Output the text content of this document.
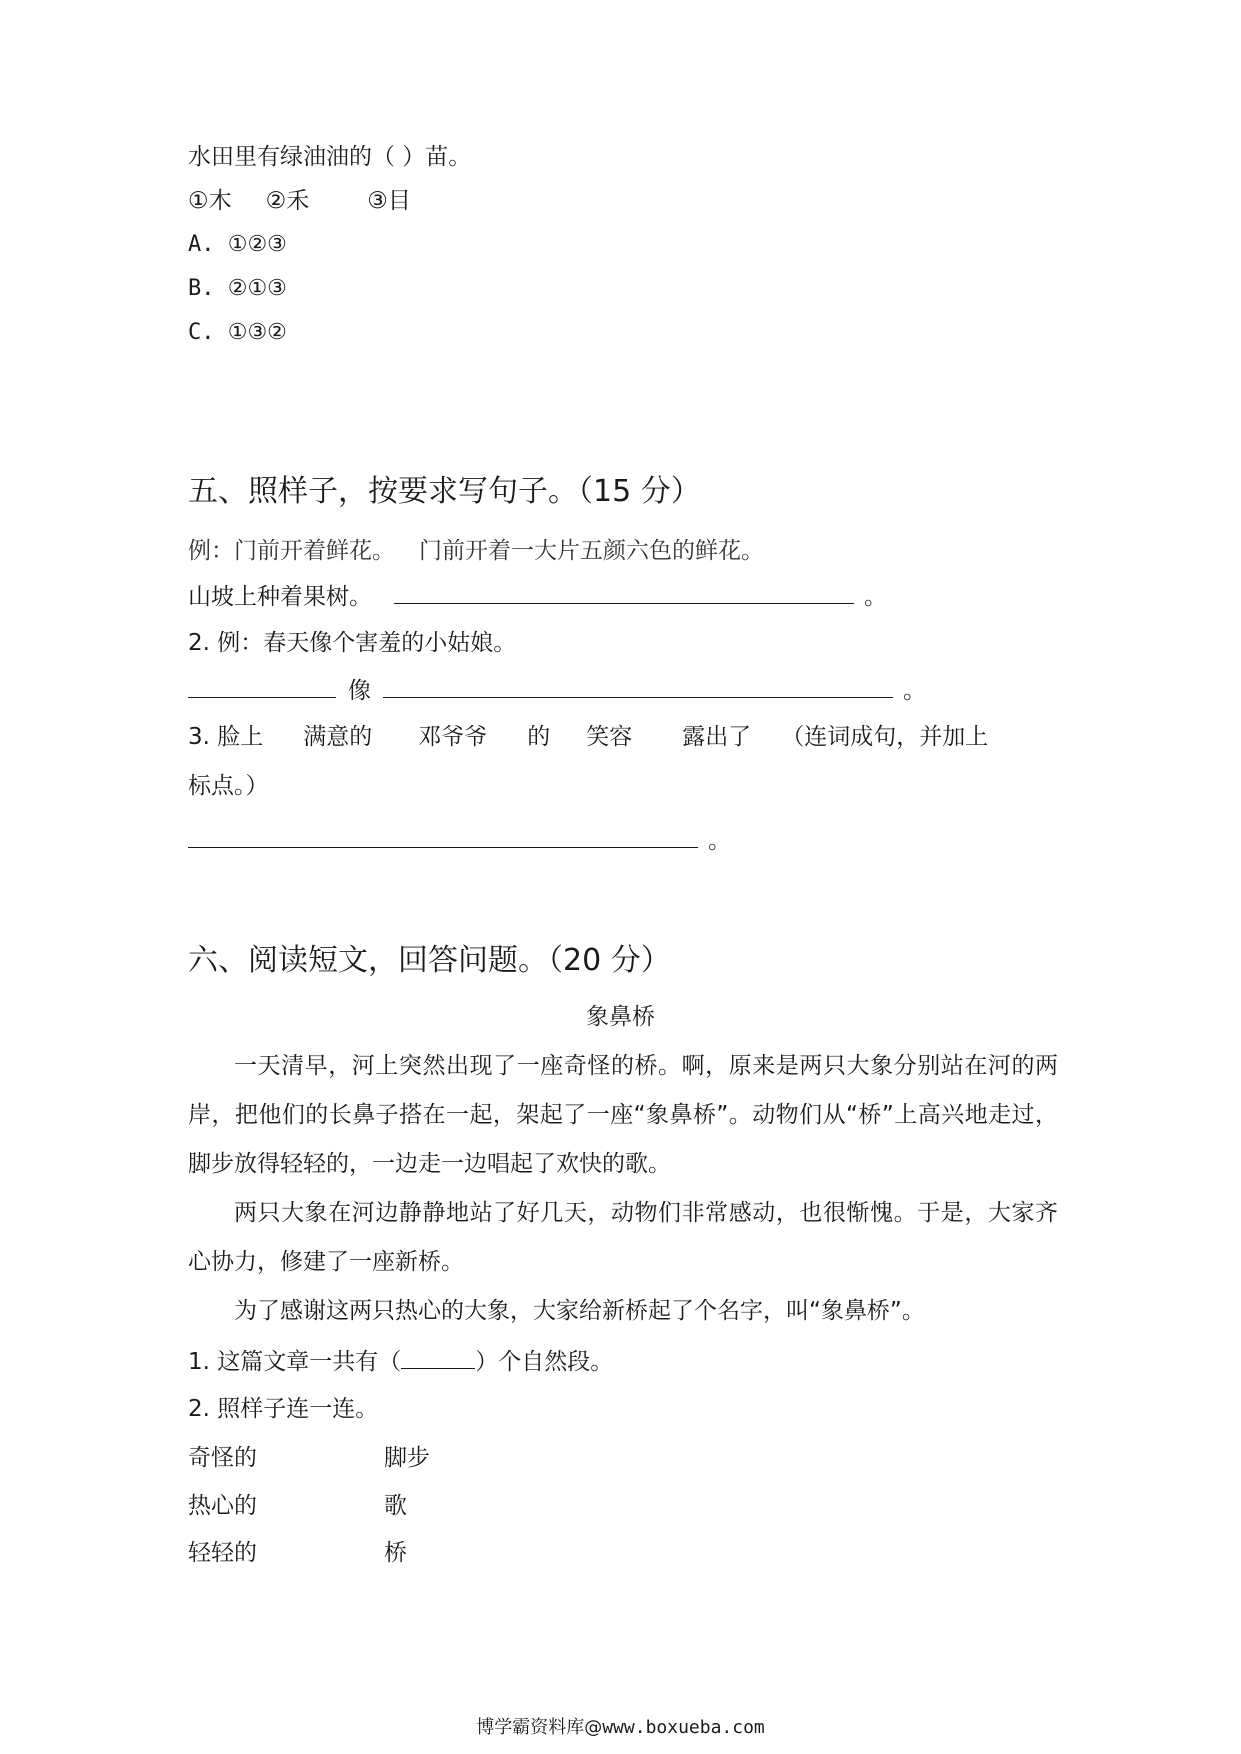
水田里有绿油油的（ ）苗。
①木 ②禾	③目
A. ①②③
B. ②①③
C. ①③②
五、照样子，按要求写句子。（15 分）
例：门前开着鲜花。 门前开着一大片五颜六色的鲜花。
山坡上种着果树。	。
2. 例：春天像个害羞的小姑娘。
像	。
3. 脸上 满意的 邓爷爷 的 笑容 露出了 （连词成句，并加上
标点。）
。
六、阅读短文，回答问题。（20 分）
象鼻桥
一天清早，河上突然出现了一座奇怪的桥。啊，原来是两只大象分别站在河的两岸，把他们的长鼻子搭在一起，架起了一座“象鼻桥”。动物们从“桥”上高兴地走过，脚步放得轻轻的，一边走一边唱起了欢快的歌。
两只大象在河边静静地站了好几天，动物们非常感动，也很惭愧。于是，大家齐心协力，修建了一座新桥。
为了感谢这两只热心的大象，大家给新桥起了个名字，叫“象鼻桥”。
1. 这篇文章一共有（	）个自然段。
2. 照样子连一连。
奇怪的	脚步
热心的	歌
轻轻的	桥
博学霸资料库@www.boxueba.com
